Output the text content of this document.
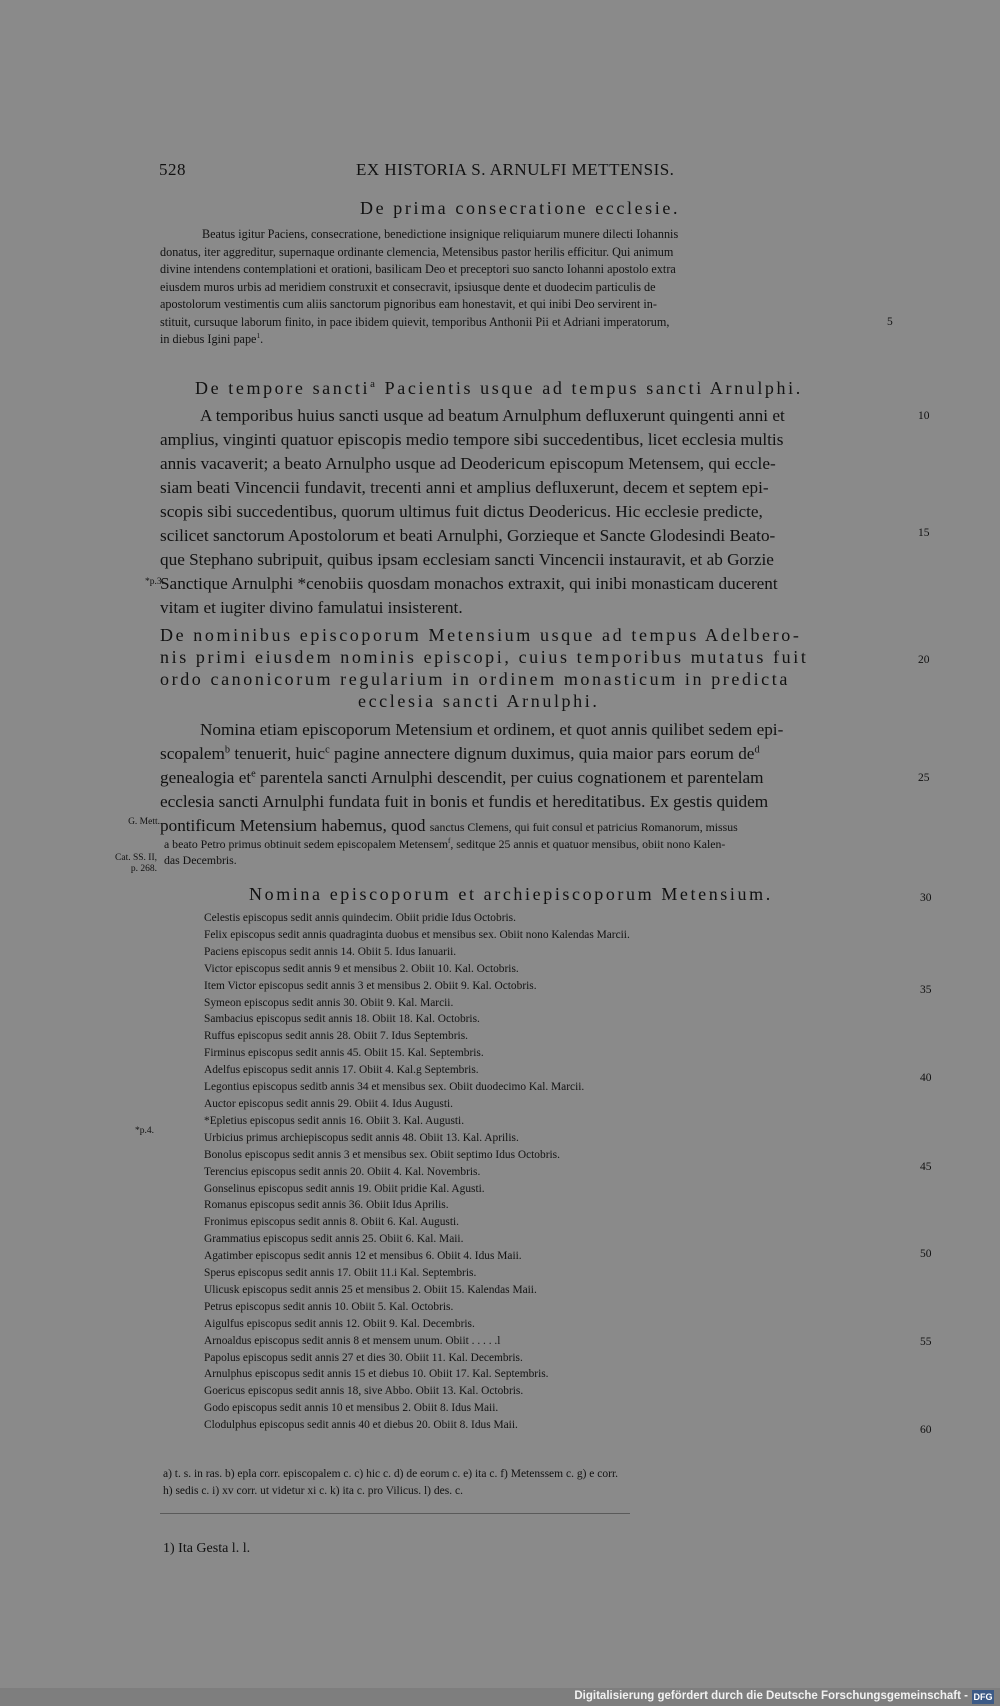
528	EX HISTORIA S. ARNULFI METTENSIS.
De prima consecratione ecclesie.
Beatus igitur Paciens, consecratione, benedictione insignique reliquiarum munere dilecti Iohannis
donatus, iter aggreditur, supernaque ordinante clemencia, Metensibus pastor herilis efficitur. Qui animum
divine intendens contemplationi et orationi, basilicam Deo et preceptori suo sancto Iohanni apostolo extra
eiusdem muros urbis ad meridiem construxit et consecravit, ipsiusque dente et duodecim particulis de
apostolorum vestimentis cum aliis sanctorum pignoribus eam honestavit, et qui inibi Deo servirent in-
stituit, cursuque laborum finito, in pace ibidem quievit, temporibus Anthonii Pii et Adriani imperatorum,
in diebus Igini pape$^1$.
De tempore sancti$^a$ Pacientis usque ad tempus sancti Arnulphi.
A temporibus huius sancti usque ad beatum Arnulphum defluxerunt quingenti anni et
amplius, vinginti quatuor episcopis medio tempore sibi succedentibus, licet ecclesia multis
annis vacaverit; a beato Arnulpho usque ad Deodericum episcopum Metensem, qui eccle-
siam beati Vincencii fundavit, trecenti anni et amplius defluxerunt, decem et septem epi-
scopis sibi succedentibus, quorum ultimus fuit dictus Deodericus. Hic ecclesie predicte,
scilicet sanctorum Apostolorum et beati Arnulphi, Gorzieque et Sancte Glodesindi Beato-
que Stephano subripuit, quibus ipsam ecclesiam sancti Vincencii instauravit, et ab Gorzie
Sanctique Arnulphi *cenobiis quosdam monachos extraxit, qui inibi monasticam ducerent
vitam et iugiter divino famulatui insisterent.
De nominibus episcoporum Metensium usque ad tempus Adelbero-
nis primi eiusdem nominis episcopi, cuius temporibus mutatus fuit
ordo canonicorum regularium in ordinem monasticum in predicta
ecclesia sancti Arnulphi.
Nomina etiam episcoporum Metensium et ordinem, et quot annis quilibet sedem epi-
scopalem$^b$ tenuerit, huic$^c$ pagine annectere dignum duximus, quia maior pars eorum $de^d$
genealogia $et^e$ parentela sancti Arnulphi descendit, per cuius cognationem et parentelam
ecclesia sancti Arnulphi fundata fuit in bonis et fundis et hereditatibus. Ex gestis quidem
pontificum Metensium habemus, quod sanctus Clemens, qui fuit consul et patricius Romanorum, missus
a beato Petro primus obtinuit sedem episcopalem Metensem$^f$, seditque 25 annis et quatuor mensibus, obiit nono Kalen-
das Decembris.
Nomina episcoporum et archiepiscoporum Metensium.
Celestis episcopus sedit annis quindecim. Obiit pridie Idus Octobris.
Felix episcopus sedit annis quadraginta duobus et mensibus sex. Obiit nono Kalendas Marcii.
Paciens episcopus sedit annis 14. Obiit 5. Idus Ianuarii.
Victor episcopus sedit annis 9 et mensibus 2. Obiit 10. Kal. Octobris.
Item Victor episcopus sedit annis 3 et mensibus 2. Obiit 9. Kal. Octobris.
Symeon episcopus sedit annis 30. Obiit 9. Kal. Marcii.
Sambacius episcopus sedit annis 18. Obiit 18. Kal. Octobris.
Ruffus episcopus sedit annis 28. Obiit 7. Idus Septembris.
Firminus episcopus sedit annis 45. Obiit 15. Kal. Septembris.
Adelfus episcopus sedit annis 17. Obiit 4. Kal.g Septembris.
Legontius episcopus seditb annis 34 et mensibus sex. Obiit duodecimo Kal. Marcii.
Auctor episcopus sedit annis 29. Obiit 4. Idus Augusti.
*Epletius episcopus sedit annis 16. Obiit 3. Kal. Augusti.
Urbicius primus archiepiscopus sedit annis 48. Obiit 13. Kal. Aprilis.
Bonolus episcopus sedit annis 3 et mensibus sex. Obiit septimo Idus Octobris.
Terencius episcopus sedit annis 20. Obiit 4. Kal. Novembris.
Gonselinus episcopus sedit annis 19. Obiit pridie Kal. Agusti.
Romanus episcopus sedit annis 36. Obiit Idus Aprilis.
Fronimus episcopus sedit annis 8. Obiit 6. Kal. Augusti.
Grammatius episcopus sedit annis 25. Obiit 6. Kal. Maii.
Agatimber episcopus sedit annis 12 et mensibus 6. Obiit 4. Idus Maii.
Sperus episcopus sedit annis 17. Obiit 11.i Kal. Septembris.
Ulicusk episcopus sedit annis 25 et mensibus 2. Obiit 15. Kalendas Maii.
Petrus episcopus sedit annis 10. Obiit 5. Kal. Octobris.
Aigulfus episcopus sedit annis 12. Obiit 9. Kal. Decembris.
Arnoaldus episcopus sedit annis 8 et mensem unum. Obiit . . . . .l
Papolus episcopus sedit annis 27 et dies 30. Obiit 11. Kal. Decembris.
Arnulphus episcopus sedit annis 15 et diebus 10. Obiit 17. Kal. Septembris.
Goericus episcopus sedit annis 18, sive Abbo. Obiit 13. Kal. Octobris.
Godo episcopus sedit annis 10 et mensibus 2. Obiit 8. Idus Maii.
Clodulphus episcopus sedit annis 40 et diebus 20. Obiit 8. Idus Maii.
5
10
15
20
25
30
35
40
45
50
55
60
*p.3.
G. Mett.
Cat. SS. II,
p. 268.
*p.4.
a) t. s. in ras. b) epla corr. episcopalem c. c) hic c. d) de eorum c. e) ita c. f) Metenssem c. g) e corr.
h) sedis c. i) xv corr. ut videtur xi c. k) ita c. pro Vilicus. l) des. c.
1) Ita Gesta l. l.
Digitalisierung gefördert durch die Deutsche Forschungsgemeinschaft - DFG
